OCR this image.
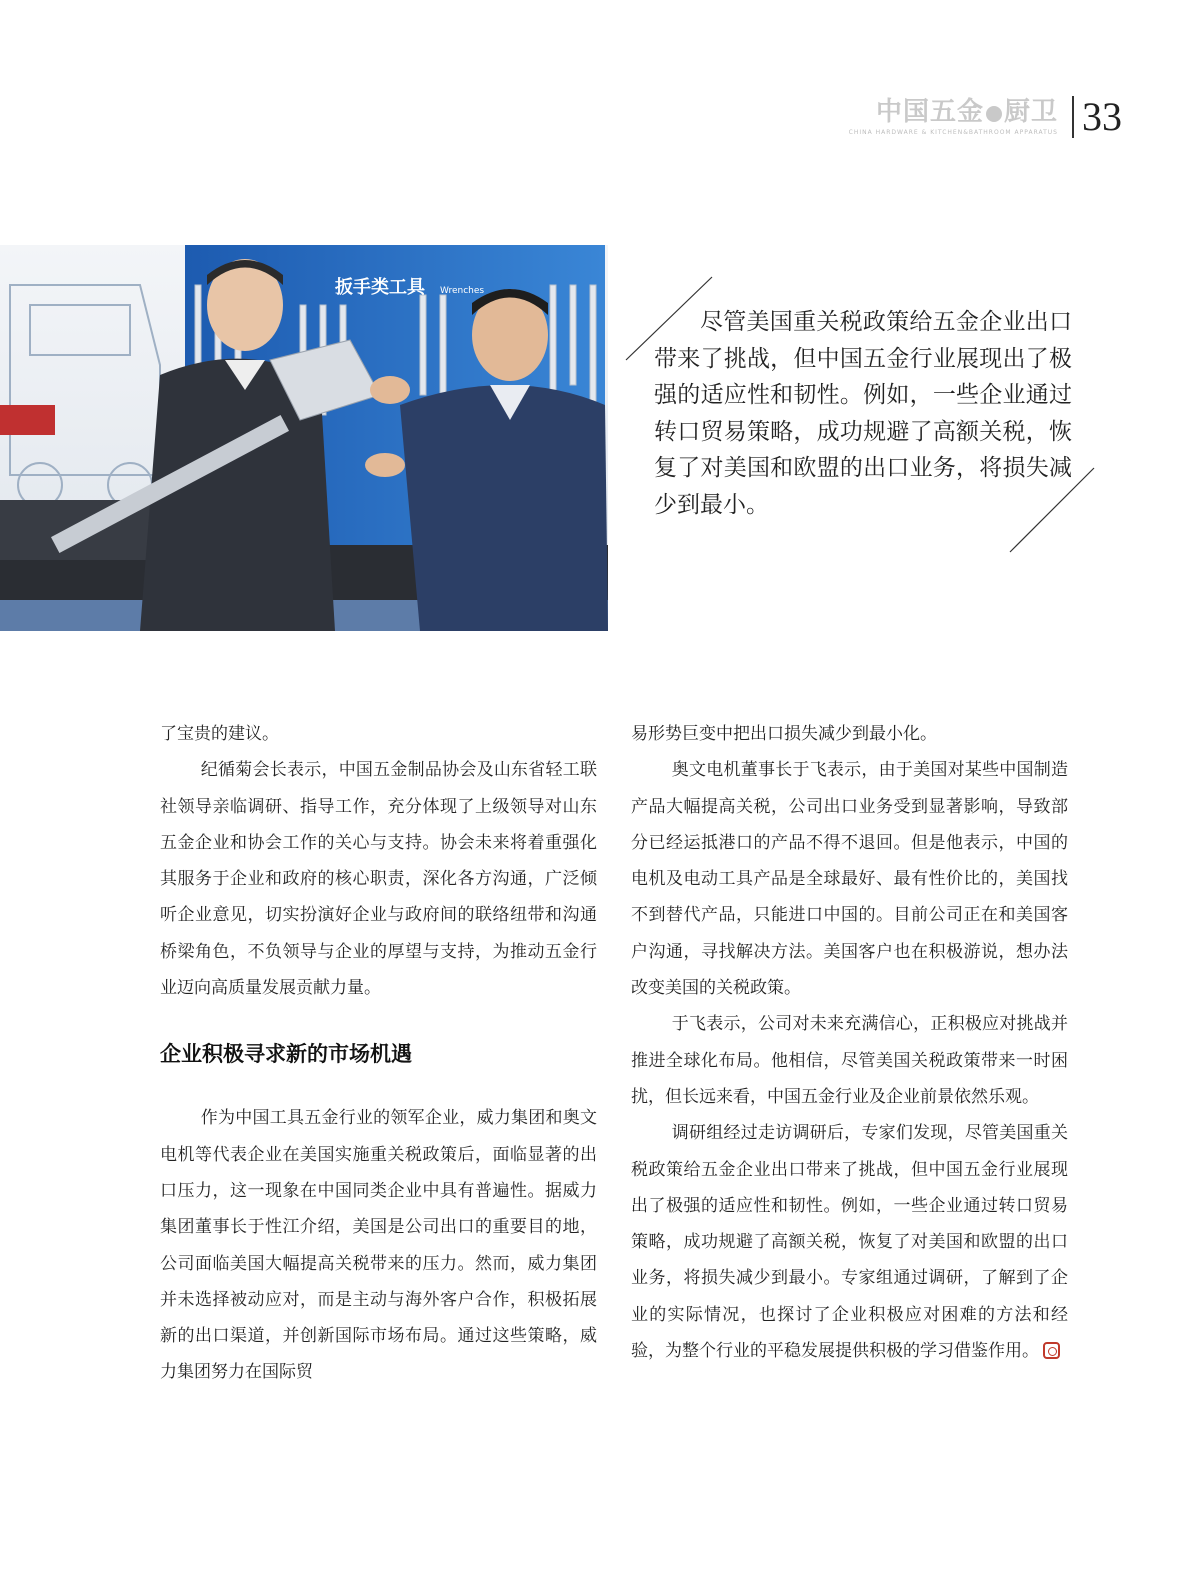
中国五金 厨卫
CHINA HARDWARE & KITCHEN&BATHROOM APPARATUS 33
扳手类工具 Wrenches
尽管美国重关税政策给五金企业出口带来了挑战，但中国五金行业展现出了极强的适应性和韧性。例如，一些企业通过转口贸易策略，成功规避了高额关税，恢复了对美国和欧盟的出口业务，将损失减少到最小。

了宝贵的建议。

纪循菊会长表示，中国五金制品协会及山东省轻工联社领导亲临调研、指导工作，充分体现了上级领导对山东五金企业和协会工作的关心与支持。协会未来将着重强化其服务于企业和政府的核心职责，深化各方沟通，广泛倾听企业意见，切实扮演好企业与政府间的联络纽带和沟通桥梁角色，不负领导与企业的厚望与支持，为推动五金行业迈向高质量发展贡献力量。

企业积极寻求新的市场机遇

作为中国工具五金行业的领军企业，威力集团和奥文电机等代表企业在美国实施重关税政策后，面临显著的出口压力，这一现象在中国同类企业中具有普遍性。据威力集团董事长于性江介绍，美国是公司出口的重要目的地，公司面临美国大幅提高关税带来的压力。然而，威力集团并未选择被动应对，而是主动与海外客户合作，积极拓展新的出口渠道，并创新国际市场布局。通过这些策略，威力集团努力在国际贸

易形势巨变中把出口损失减少到最小化。

奥文电机董事长于飞表示，由于美国对某些中国制造产品大幅提高关税，公司出口业务受到显著影响，导致部分已经运抵港口的产品不得不退回。但是他表示，中国的电机及电动工具产品是全球最好、最有性价比的，美国找不到替代产品，只能进口中国的。目前公司正在和美国客户沟通，寻找解决方法。美国客户也在积极游说，想办法改变美国的关税政策。

于飞表示，公司对未来充满信心，正积极应对挑战并推进全球化布局。他相信，尽管美国关税政策带来一时困扰，但长远来看，中国五金行业及企业前景依然乐观。

调研组经过走访调研后，专家们发现，尽管美国重关税政策给五金企业出口带来了挑战，但中国五金行业展现出了极强的适应性和韧性。例如，一些企业通过转口贸易策略，成功规避了高额关税，恢复了对美国和欧盟的出口业务，将损失减少到最小。专家组通过调研，了解到了企业的实际情况，也探讨了企业积极应对困难的方法和经验，为整个行业的平稳发展提供积极的学习借鉴作用。
